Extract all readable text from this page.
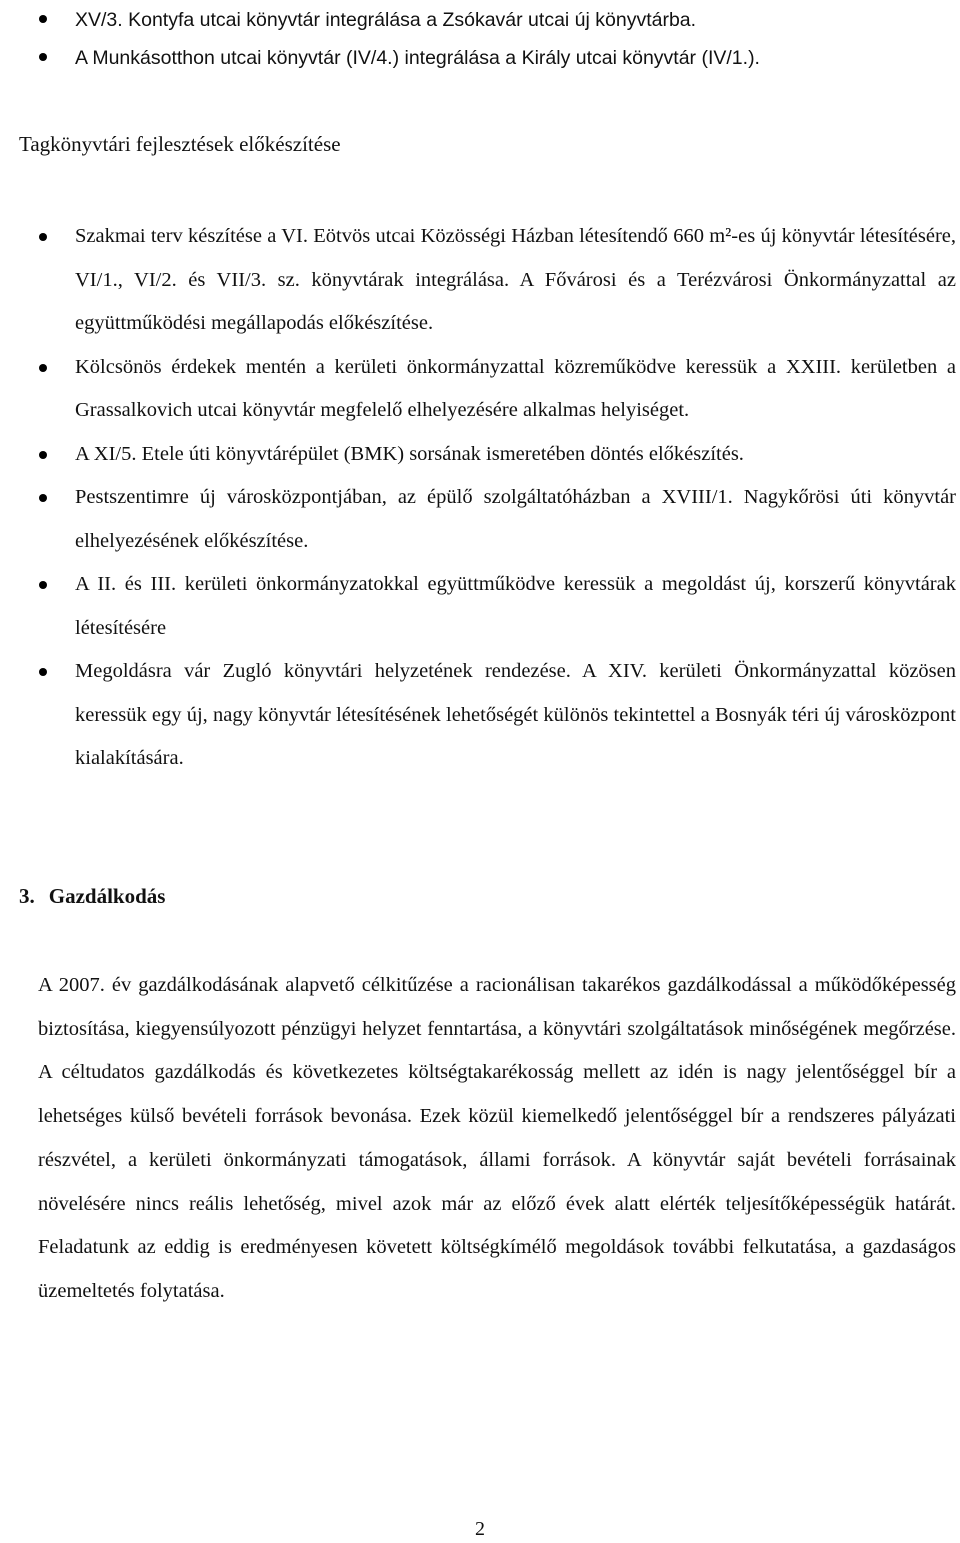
XV/3. Kontyfa utcai könyvtár integrálása a Zsókavár utcai új könyvtárba.
A Munkásotthon utcai könyvtár (IV/4.) integrálása a Király utcai könyvtár (IV/1.).
Tagkönyvtári fejlesztések előkészítése
Szakmai terv készítése a VI. Eötvös utcai Közösségi Házban létesítendő 660 m²-es új könyvtár létesítésére, VI/1., VI/2. és VII/3. sz. könyvtárak integrálása. A Fővárosi és a Terézvárosi Önkormányzattal az együttműködési megállapodás előkészítése.
Kölcsönös érdekek mentén a kerületi önkormányzattal közreműködve keressük a XXIII. kerületben a Grassalkovich utcai könyvtár megfelelő elhelyezésére alkalmas helyiséget.
A XI/5. Etele úti könyvtárépület (BMK) sorsának ismeretében döntés előkészítés.
Pestszentimre új városközpontjában, az épülő szolgáltatóházban a XVIII/1. Nagykőrösi úti könyvtár elhelyezésének előkészítése.
A II. és III. kerületi önkormányzatokkal együttműködve keressük a megoldást új, korszerű könyvtárak létesítésére
Megoldásra vár Zugló könyvtári helyzetének rendezése. A XIV. kerületi Önkormányzattal közösen keressük egy új, nagy könyvtár létesítésének lehetőségét különös tekintettel a Bosnyák téri új városközpont kialakítására.
3. Gazdálkodás

A 2007. év gazdálkodásának alapvető célkitűzése a racionálisan takarékos gazdálkodással a működőképesség biztosítása, kiegyensúlyozott pénzügyi helyzet fenntartása, a könyvtári szolgáltatások minőségének megőrzése. A céltudatos gazdálkodás és következetes költségtakarékosság mellett az idén is nagy jelentőséggel bír a lehetséges külső bevételi források bevonása. Ezek közül kiemelkedő jelentőséggel bír a rendszeres pályázati részvétel, a kerületi önkormányzati támogatások, állami források. A könyvtár saját bevételi forrásainak növelésére nincs reális lehetőség, mivel azok már az előző évek alatt elérték teljesítőképességük határát. Feladatunk az eddig is eredményesen követett költségkímélő megoldások további felkutatása, a gazdaságos üzemeltetés folytatása.

2
